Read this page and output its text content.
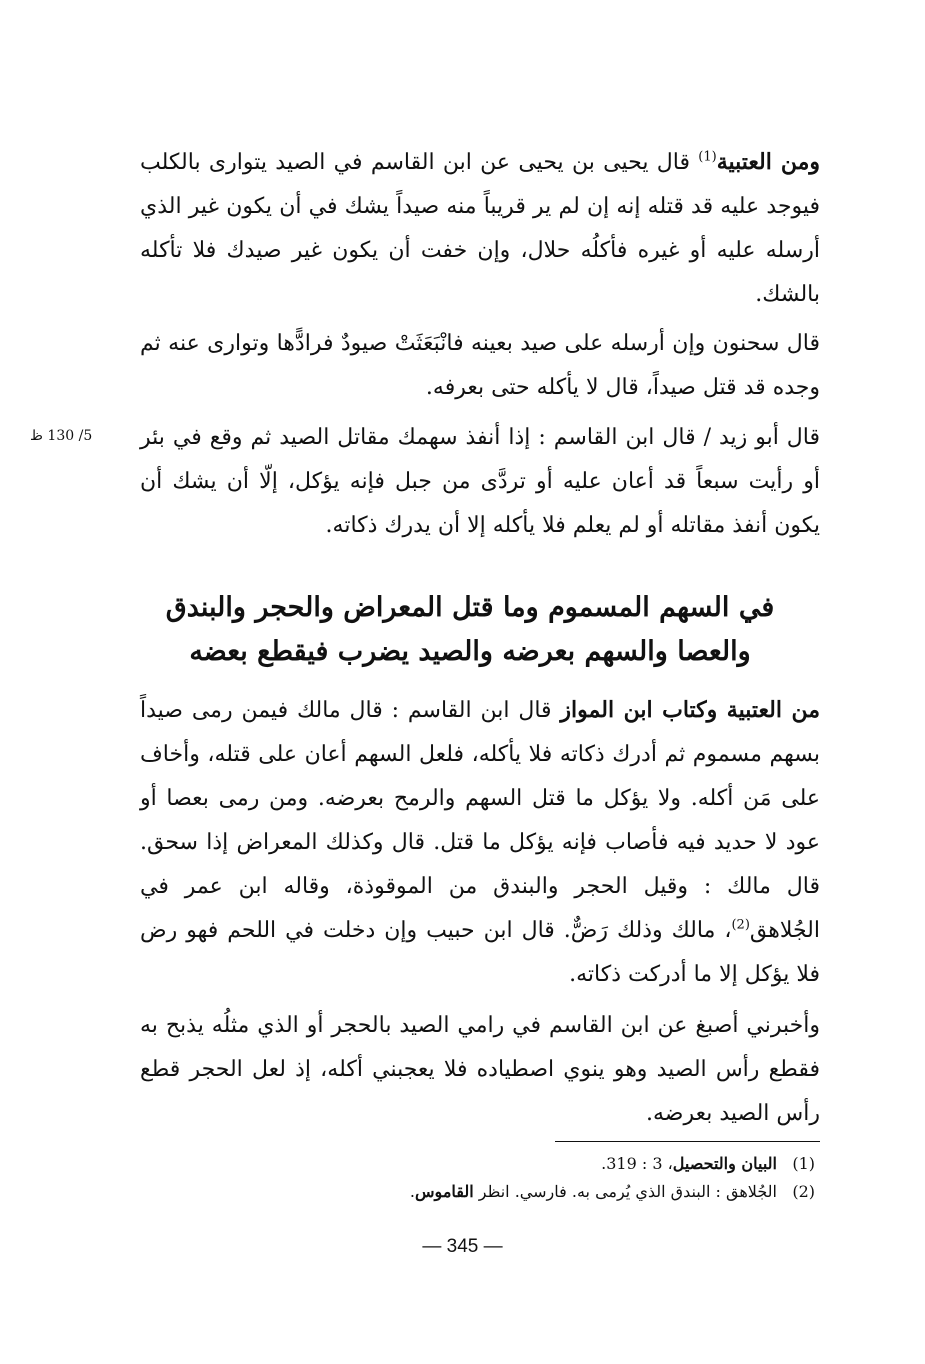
ومن العتبية$^{(1)}$ قال يحيى بن يحيى عن ابن القاسم في الصيد يتوارى بالكلب فيوجد عليه قد قتله إنه إن لم ير قريباً منه صيداً يشك في أن يكون غير الذي أرسله عليه أو غيره فأكلُه حلال، وإن خفت أن يكون غير صيدك فلا تأكله بالشك.

قال سحنون وإن أرسله على صيد بعينه فانْبَعَثَتْ صيودٌ فرادًّها وتوارى عنه ثم وجده قد قتل صيداً، قال لا يأكله حتى بعرفه.

5/ 130 ظ قال أبو زيد / قال ابن القاسم : إذا أنفذ سهمك مقاتل الصيد ثم وقع في بئر أو رأيت سبعاً قد أعان عليه أو تردَّى من جبل فإنه يؤكل، إلّا أن يشك أن يكون أنفذ مقاتله أو لم يعلم فلا يأكله إلا أن يدرك ذكاته.

في السهم المسموم وما قتل المعراض والحجر والبندق
والعصا والسهم بعرضه والصيد يضرب فيقطع بعضه

من العتبية وكتاب ابن المواز قال ابن القاسم : قال مالك فيمن رمى صيداً بسهم مسموم ثم أدرك ذكاته فلا يأكله، فلعل السهم أعان على قتله، وأخاف على مَن أكله. ولا يؤكل ما قتل السهم والرمح بعرضه. ومن رمى بعصا أو عود لا حديد فيه فأصاب فإنه يؤكل ما قتل. قال وكذلك المعراض إذا سحق. قال مالك : وقيل الحجر والبندق من الموقوذة، وقاله ابن عمر في الجُلاهق$^{(2)}$، مالك وذلك رَضٌّ. قال ابن حبيب وإن دخلت في اللحم فهو رض فلا يؤكل إلا ما أدركت ذكاته.

وأخبرني أصبغ عن ابن القاسم في رامي الصيد بالحجر أو الذي مثلُه يذبح به فقطع رأس الصيد وهو ينوي اصطياده فلا يعجبني أكله، إذ لعل الحجر قطع رأس الصيد بعرضه.

(1)البيان والتحصيل، 3 : 319.
(2)الجُلاهق : البندق الذي يُرمى به. فارسي. انظر القاموس.
— 345 —
